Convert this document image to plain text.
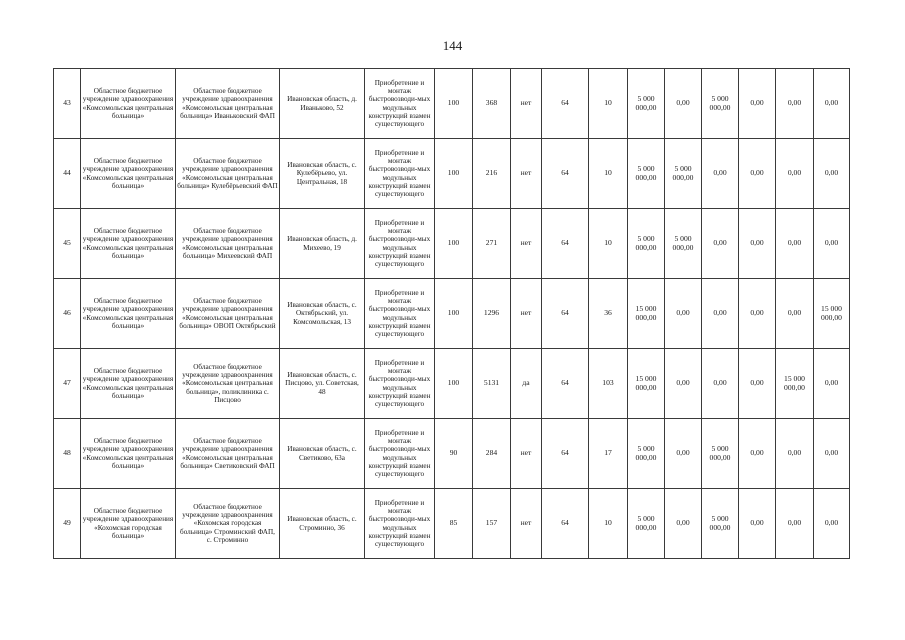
144
43	Областное бюджетное учреждение здравоохранения «Комсомольская центральная больница»	Областное бюджетное учреждение здравоохранения «Комсомольская центральная больница» Иваньковский ФАП	Ивановская область, д. Иваньково, 52	Приобретение и монтаж быстровозводи-мых модульных конструкций взамен существующего	100	368	нет	64	10	5 000 000,00	0,00	5 000 000,00	0,00	0,00	0,00
44	Областное бюджетное учреждение здравоохранения «Комсомольская центральная больница»	Областное бюджетное учреждение здравоохранения «Комсомольская центральная больница» Кулебёрьевский ФАП	Ивановская область, с. Кулебёрьево, ул. Центральная, 18	Приобретение и монтаж быстровозводи-мых модульных конструкций взамен существующего	100	216	нет	64	10	5 000 000,00	5 000 000,00	0,00	0,00	0,00	0,00
45	Областное бюджетное учреждение здравоохранения «Комсомольская центральная больница»	Областное бюджетное учреждение здравоохранения «Комсомольская центральная больница» Михеевский ФАП	Ивановская область, д. Михеево, 19	Приобретение и монтаж быстровозводи-мых модульных конструкций взамен существующего	100	271	нет	64	10	5 000 000,00	5 000 000,00	0,00	0,00	0,00	0,00
46	Областное бюджетное учреждение здравоохранения «Комсомольская центральная больница»	Областное бюджетное учреждение здравоохранения «Комсомольская центральная больница» ОВОП Октябрьский	Ивановская область, с. Октябрьский, ул. Комсомольская, 13	Приобретение и монтаж быстровозводи-мых модульных конструкций взамен существующего	100	1296	нет	64	36	15 000 000,00	0,00	0,00	0,00	0,00	15 000 000,00
47	Областное бюджетное учреждение здравоохранения «Комсомольская центральная больница»	Областное бюджетное учреждение здравоохранения «Комсомольская центральная больница», поликлиника с. Писцово	Ивановская область, с. Писцово, ул. Советская, 48	Приобретение и монтаж быстровозводи-мых модульных конструкций взамен существующего	100	5131	да	64	103	15 000 000,00	0,00	0,00	0,00	15 000 000,00	0,00
48	Областное бюджетное учреждение здравоохранения «Комсомольская центральная больница»	Областное бюджетное учреждение здравоохранения «Комсомольская центральная больница» Светиковский ФАП	Ивановская область, с. Светиково, 63а	Приобретение и монтаж быстровозводи-мых модульных конструкций взамен существующего	90	284	нет	64	17	5 000 000,00	0,00	5 000 000,00	0,00	0,00	0,00
49	Областное бюджетное учреждение здравоохранения «Кохомская городская больница»	Областное бюджетное учреждение здравоохранения «Кохомская городская больница» Строминский ФАП, с. Строминно	Ивановская область, с. Строминно, 36	Приобретение и монтаж быстровозводи-мых модульных конструкций взамен существующего	85	157	нет	64	10	5 000 000,00	0,00	5 000 000,00	0,00	0,00	0,00
